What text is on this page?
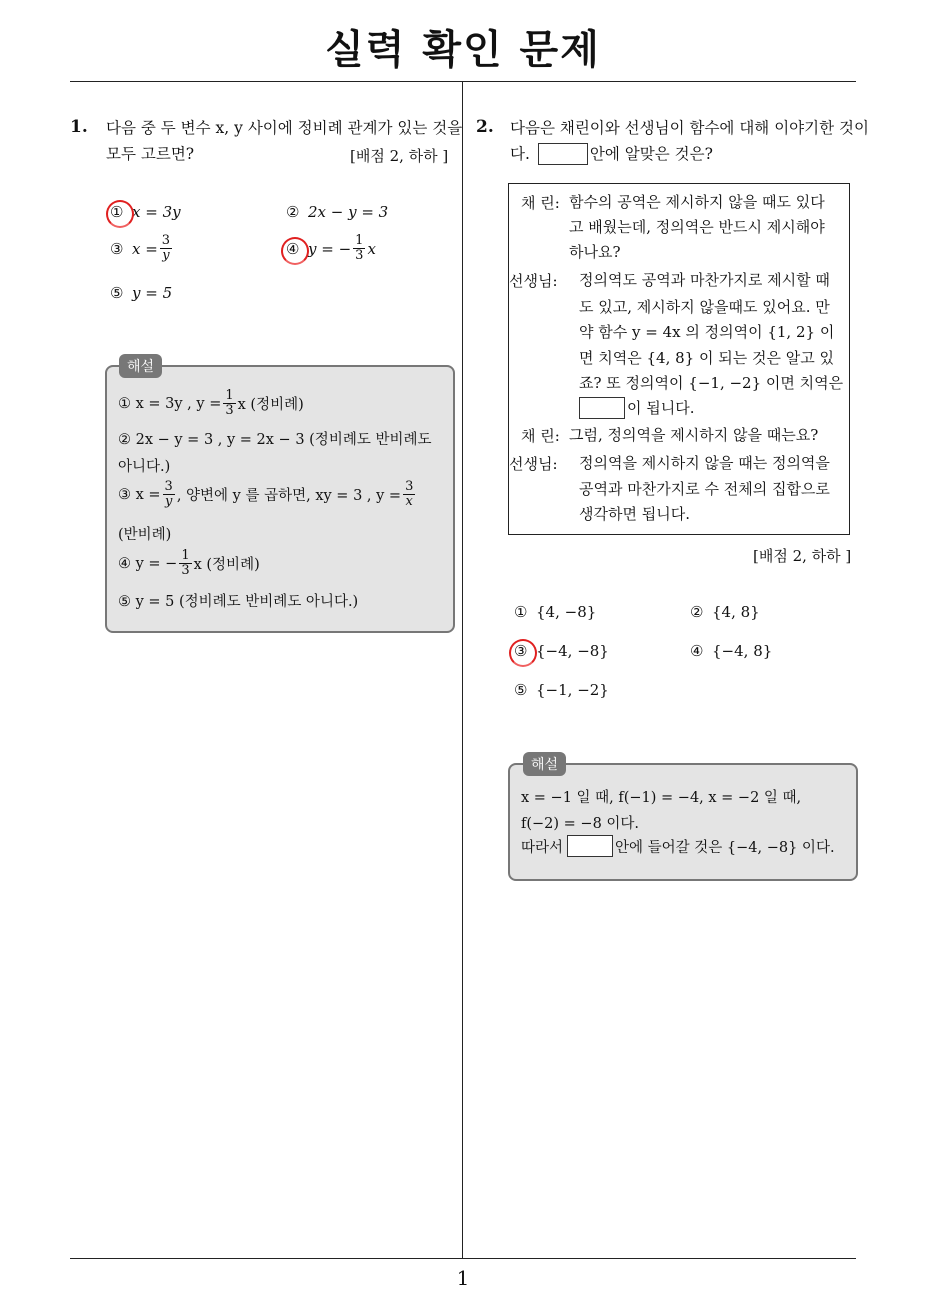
실력 확인 문제
1
1. 다음 중 두 변수 x, y 사이에 정비례 관계가 있는 것을
모두 고르면?	[배점 2, 하하 ]
① x = 3y	② 2x − y = 3
③ $x = \frac{3}{y}$	④ y = − $\frac{1}{3}$ x
⑤ y = 5
해설
① x = 3y , $y = \frac{1}{3}$ x (정비례)
② 2x − y = 3 , y = 2x − 3 (정비례도 반비례도
아니다.)
③ $x = \frac{3}{y}$ , 양변에 y 를 곱하면, xy = 3 , $y = \frac{3}{x}$
(반비례)
④ y = − $\frac{1}{3}$ x (정비례)
⑤ y = 5 (정비례도 반비례도 아니다.)
2. 다음은 채린이와 선생님이 함수에 대해 이야기한 것이
다.	안에 알맞은 것은?
채 린: 함수의 공역은 제시하지 않을 때도 있다
고 배웠는데, 정의역은 반드시 제시해야
하나요?
선생님: 정의역도 공역과 마찬가지로 제시할 때
도 있고, 제시하지 않을때도 있어요. 만
약 함수 y = 4x 의 정의역이 {1, 2} 이
면 치역은 {4, 8} 이 되는 것은 알고 있
죠? 또 정의역이 {−1, −2} 이면 치역은
이 됩니다.
채 린: 그럼, 정의역을 제시하지 않을 때는요?
선생님: 정의역을 제시하지 않을 때는 정의역을
공역과 마찬가지로 수 전체의 집합으로
생각하면 됩니다.
[배점 2, 하하 ]
① {4, −8}	② {4, 8}
③ {−4, −8}	④ {−4, 8}
⑤ {−1, −2}
해설
x = −1 일 때, f(−1) = −4, x = −2 일 때,
f(−2) = −8 이다.
따라서	안에 들어갈 것은 {−4, −8} 이다.
